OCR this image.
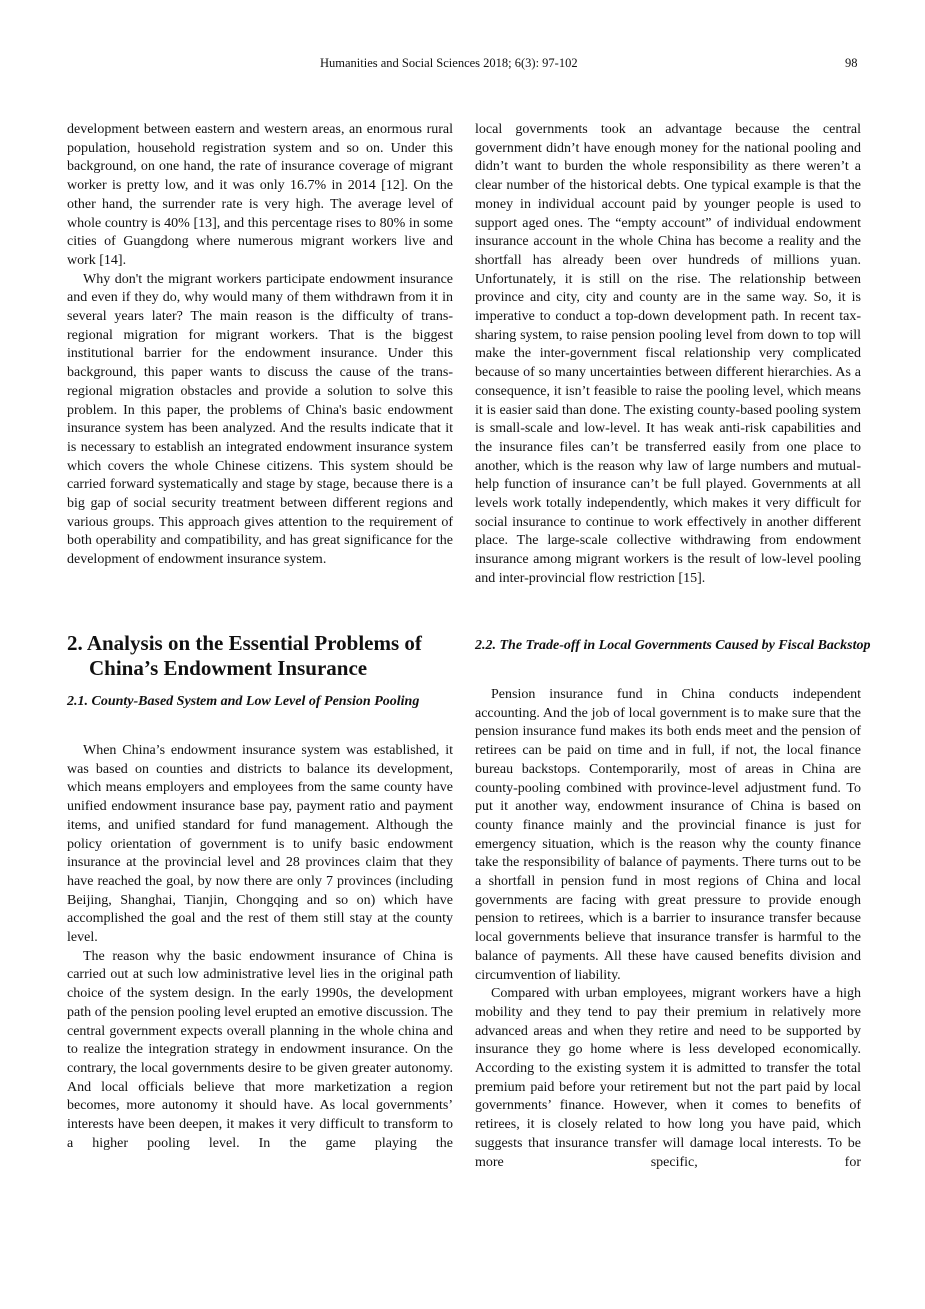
Humanities and Social Sciences 2018; 6(3): 97-102	98

development between eastern and western areas, an enormous rural population, household registration system and so on. Under this background, on one hand, the rate of insurance coverage of migrant worker is pretty low, and it was only 16.7% in 2014 [12]. On the other hand, the surrender rate is very high. The average level of whole country is 40% [13], and this percentage rises to 80% in some cities of Guangdong where numerous migrant workers live and work [14].

Why don't the migrant workers participate endowment insurance and even if they do, why would many of them withdrawn from it in several years later? The main reason is the difficulty of trans-regional migration for migrant workers. That is the biggest institutional barrier for the endowment insurance. Under this background, this paper wants to discuss the cause of the trans-regional migration obstacles and provide a solution to solve this problem. In this paper, the problems of China's basic endowment insurance system has been analyzed. And the results indicate that it is necessary to establish an integrated endowment insurance system which covers the whole Chinese citizens. This system should be carried forward systematically and stage by stage, because there is a big gap of social security treatment between different regions and various groups. This approach gives attention to the requirement of both operability and compatibility, and has great significance for the development of endowment insurance system.

2. Analysis on the Essential Problems of China’s Endowment Insurance
2.1. County-Based System and Low Level of Pension Pooling

When China’s endowment insurance system was established, it was based on counties and districts to balance its development, which means employers and employees from the same county have unified endowment insurance base pay, payment ratio and payment items, and unified standard for fund management. Although the policy orientation of government is to unify basic endowment insurance at the provincial level and 28 provinces claim that they have reached the goal, by now there are only 7 provinces (including Beijing, Shanghai, Tianjin, Chongqing and so on) which have accomplished the goal and the rest of them still stay at the county level.

The reason why the basic endowment insurance of China is carried out at such low administrative level lies in the original path choice of the system design. In the early 1990s, the development path of the pension pooling level erupted an emotive discussion. The central government expects overall planning in the whole china and to realize the integration strategy in endowment insurance. On the contrary, the local governments desire to be given greater autonomy. And local officials believe that more marketization a region becomes, more autonomy it should have. As local governments’ interests have been deepen, it makes it very difficult to transform to a higher pooling level. In the game playing the

local governments took an advantage because the central government didn’t have enough money for the national pooling and didn’t want to burden the whole responsibility as there weren’t a clear number of the historical debts. One typical example is that the money in individual account paid by younger people is used to support aged ones. The “empty account” of individual endowment insurance account in the whole China has become a reality and the shortfall has already been over hundreds of millions yuan. Unfortunately, it is still on the rise. The relationship between province and city, city and county are in the same way. So, it is imperative to conduct a top-down development path. In recent tax-sharing system, to raise pension pooling level from down to top will make the inter-government fiscal relationship very complicated because of so many uncertainties between different hierarchies. As a consequence, it isn’t feasible to raise the pooling level, which means it is easier said than done. The existing county-based pooling system is small-scale and low-level. It has weak anti-risk capabilities and the insurance files can’t be transferred easily from one place to another, which is the reason why law of large numbers and mutual-help function of insurance can’t be full played. Governments at all levels work totally independently, which makes it very difficult for social insurance to continue to work effectively in another different place. The large-scale collective withdrawing from endowment insurance among migrant workers is the result of low-level pooling and inter-provincial flow restriction [15].

2.2. The Trade-off in Local Governments Caused by Fiscal Backstop

Pension insurance fund in China conducts independent accounting. And the job of local government is to make sure that the pension insurance fund makes its both ends meet and the pension of retirees can be paid on time and in full, if not, the local finance bureau backstops. Contemporarily, most of areas in China are county-pooling combined with province-level adjustment fund. To put it another way, endowment insurance of China is based on county finance mainly and the provincial finance is just for emergency situation, which is the reason why the county finance take the responsibility of balance of payments. There turns out to be a shortfall in pension fund in most regions of China and local governments are facing with great pressure to provide enough pension to retirees, which is a barrier to insurance transfer because local governments believe that insurance transfer is harmful to the balance of payments. All these have caused benefits division and circumvention of liability.

Compared with urban employees, migrant workers have a high mobility and they tend to pay their premium in relatively more advanced areas and when they retire and need to be supported by insurance they go home where is less developed economically. According to the existing system it is admitted to transfer the total premium paid before your retirement but not the part paid by local governments’ finance. However, when it comes to benefits of retirees, it is closely related to how long you have paid, which suggests that insurance transfer will damage local interests. To be more specific, for
